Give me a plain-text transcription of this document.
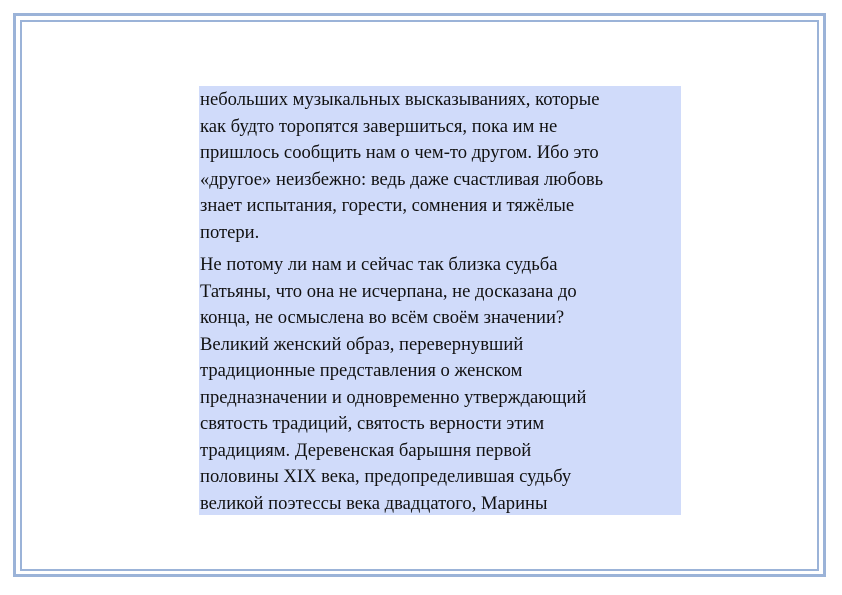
небольших музыкальных высказываниях, которые
как будто торопятся завершиться, пока им не
пришлось сообщить нам о чем-то другом. Ибо это
«другое» неизбежно: ведь даже счастливая любовь
знает испытания, горести, сомнения и тяжёлые
потери.

Не потому ли нам и сейчас так близка судьба
Татьяны, что она не исчерпана, не досказана до
конца, не осмыслена во всём своём значении?
Великий женский образ, перевернувший
традиционные представления о женском
предназначении и одновременно утверждающий
святость традиций, святость верности этим
традициям. Деревенская барышня первой
половины XIX века, предопределившая судьбу
великой поэтессы века двадцатого, Марины
